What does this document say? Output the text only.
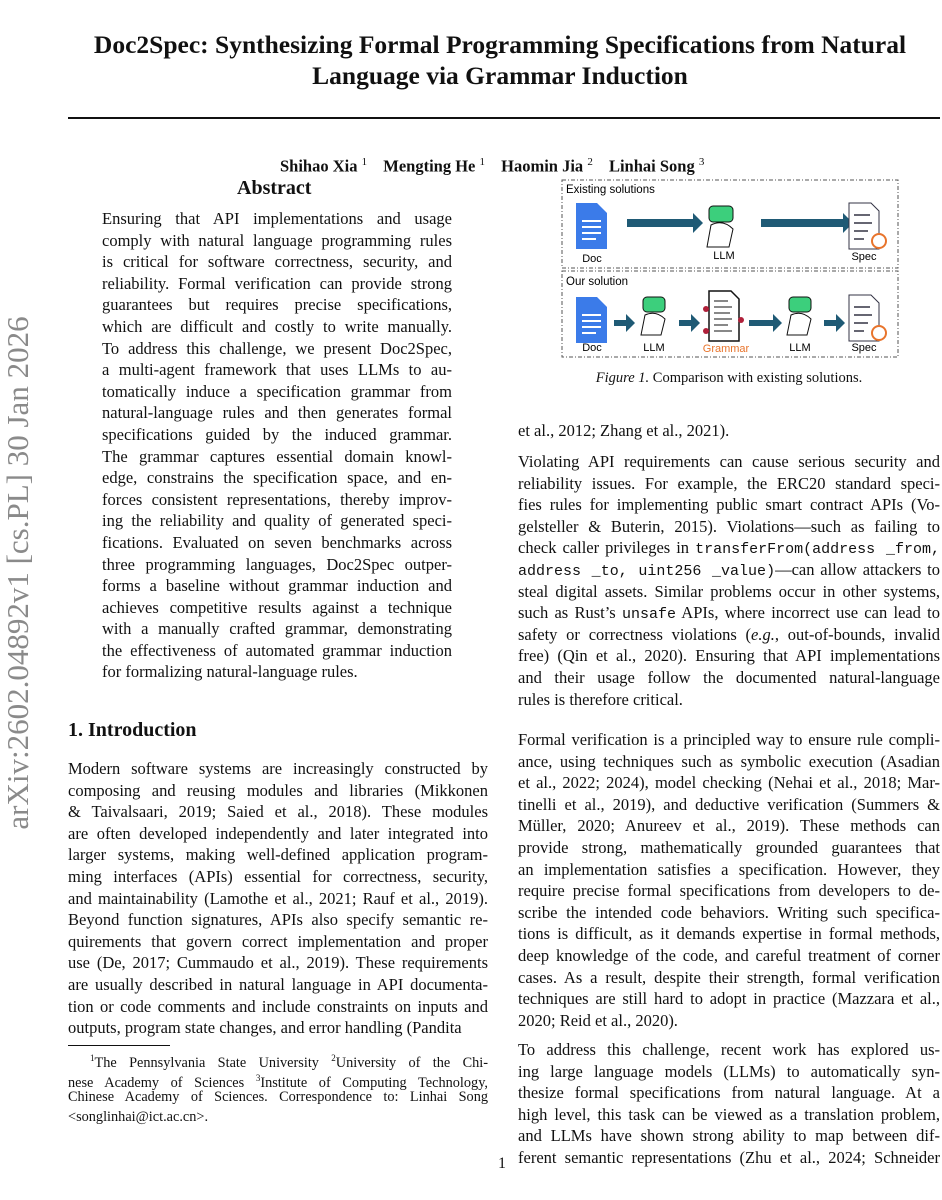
arXiv:2602.04892v1 [cs.PL] 30 Jan 2026
Doc2Spec: Synthesizing Formal Programming Specifications from Natural
Language via Grammar Induction
Shihao Xia $^1$ Mengting He $^1$ Haomin Jia $^2$ Linhai Song $^3$
Abstract
Ensuring that API implementations and usage
comply with natural language programming rules
is critical for software correctness, security, and
reliability. Formal verification can provide strong
guarantees but requires precise specifications,
which are difficult and costly to write manually.
To address this challenge, we present Doc2Spec,
a multi-agent framework that uses LLMs to au-
tomatically induce a specification grammar from
natural-language rules and then generates formal
specifications guided by the induced grammar.
The grammar captures essential domain knowl-
edge, constrains the specification space, and en-
forces consistent representations, thereby improv-
ing the reliability and quality of generated speci-
fications. Evaluated on seven benchmarks across
three programming languages, Doc2Spec outper-
forms a baseline without grammar induction and
achieves competitive results against a technique
with a manually crafted grammar, demonstrating
the effectiveness of automated grammar induction
for formalizing natural-language rules.
1. Introduction
Modern software systems are increasingly constructed by
composing and reusing modules and libraries (Mikkonen
& Taivalsaari, 2019; Saied et al., 2018). These modules
are often developed independently and later integrated into
larger systems, making well-defined application program-
ming interfaces (APIs) essential for correctness, security,
and maintainability (Lamothe et al., 2021; Rauf et al., 2019).
Beyond function signatures, APIs also specify semantic re-
quirements that govern correct implementation and proper
use (De, 2017; Cummaudo et al., 2019). These requirements
are usually described in natural language in API documenta-
tion or code comments and include constraints on inputs and
outputs, program state changes, and error handling (Pandita
$^1$The Pennsylvania State University $^2$University of the Chi-
nese Academy of Sciences $^3$Institute of Computing Technology,
Chinese Academy of Sciences. Correspondence to: Linhai Song
<songlinhai@ict.ac.cn>.
Existing solutions
Our solution
Doc	LLM	Spec
Doc	LLM	Grammar	LLM	Spec
Figure 1. Comparison with existing solutions.
et al., 2012; Zhang et al., 2021).
Violating API requirements can cause serious security and
reliability issues. For example, the ERC20 standard speci-
fies rules for implementing public smart contract APIs (Vo-
gelsteller & Buterin, 2015). Violations—such as failing to
check caller privileges in transferFrom(address _from,
address _to, uint256 _value)—can allow attackers to
steal digital assets. Similar problems occur in other systems,
such as Rust’s unsafe APIs, where incorrect use can lead to
safety or correctness violations (e.g., out-of-bounds, invalid
free) (Qin et al., 2020). Ensuring that API implementations
and their usage follow the documented natural-language
rules is therefore critical.
Formal verification is a principled way to ensure rule compli-
ance, using techniques such as symbolic execution (Asadian
et al., 2022; 2024), model checking (Nehai et al., 2018; Mar-
tinelli et al., 2019), and deductive verification (Summers &
Müller, 2020; Anureev et al., 2019). These methods can
provide strong, mathematically grounded guarantees that
an implementation satisfies a specification. However, they
require precise formal specifications from developers to de-
scribe the intended code behaviors. Writing such specifica-
tions is difficult, as it demands expertise in formal methods,
deep knowledge of the code, and careful treatment of corner
cases. As a result, despite their strength, formal verification
techniques are still hard to adopt in practice (Mazzara et al.,
2020; Reid et al., 2020).
To address this challenge, recent work has explored us-
ing large language models (LLMs) to automatically syn-
thesize formal specifications from natural language. At a
high level, this task can be viewed as a translation problem,
and LLMs have shown strong ability to map between dif-
ferent semantic representations (Zhu et al., 2024; Schneider
1
